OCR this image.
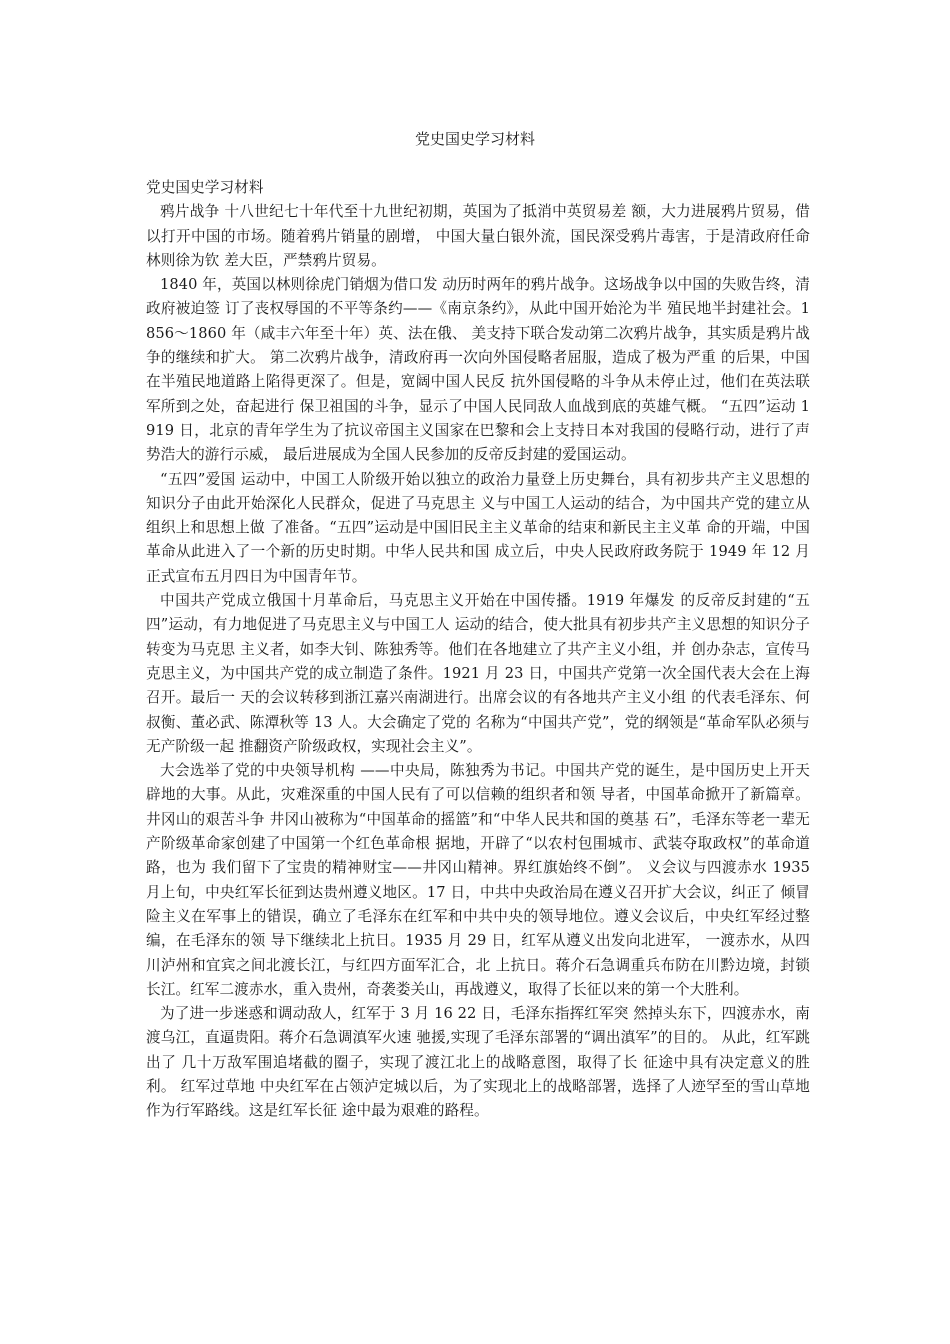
党史国史学习材料

党史国史学习材料

鸦片战争 十八世纪七十年代至十九世纪初期，英国为了抵消中英贸易差 额，大力进展鸦片贸易，借以打开中国的市场。随着鸦片销量的剧增， 中国大量白银外流，国民深受鸦片毒害，于是清政府任命林则徐为钦 差大臣，严禁鸦片贸易。

1840 年，英国以林则徐虎门销烟为借口发 动历时两年的鸦片战争。这场战争以中国的失败告终，清政府被迫签 订了丧权辱国的不平等条约——《南京条约》，从此中国开始沦为半 殖民地半封建社会。1856～1860 年（咸丰六年至十年）英、法在俄、 美支持下联合发动第二次鸦片战争，其实质是鸦片战争的继续和扩大。 第二次鸦片战争，清政府再一次向外国侵略者屈服，造成了极为严重 的后果，中国在半殖民地道路上陷得更深了。但是，宽阔中国人民反 抗外国侵略的斗争从未停止过，他们在英法联军所到之处，奋起进行 保卫祖国的斗争，显示了中国人民同敌人血战到底的英雄气概。 “五四”运动 1919 日，北京的青年学生为了抗议帝国主义国家在巴黎和会上支持日本对我国的侵略行动，进行了声势浩大的游行示威， 最后进展成为全国人民参加的反帝反封建的爱国运动。

“五四”爱国 运动中，中国工人阶级开始以独立的政治力量登上历史舞台，具有初步共产主义思想的知识分子由此开始深化人民群众，促进了马克思主 义与中国工人运动的结合，为中国共产党的建立从组织上和思想上做 了准备。“五四”运动是中国旧民主主义革命的结束和新民主主义革 命的开端，中国革命从此进入了一个新的历史时期。中华人民共和国 成立后，中央人民政府政务院于 1949 年 12 月正式宣布五月四日为中国青年节。

中国共产党成立俄国十月革命后，马克思主义开始在中国传播。1919 年爆发 的反帝反封建的“五四”运动，有力地促进了马克思主义与中国工人 运动的结合，使大批具有初步共产主义思想的知识分子转变为马克思 主义者，如李大钊、陈独秀等。他们在各地建立了共产主义小组，并 创办杂志，宣传马克思主义，为中国共产党的成立制造了条件。1921 月 23 日，中国共产党第一次全国代表大会在上海召开。最后一 天的会议转移到浙江嘉兴南湖进行。出席会议的有各地共产主义小组 的代表毛泽东、何叔衡、董必武、陈潭秋等 13 人。大会确定了党的 名称为“中国共产党”，党的纲领是“革命军队必须与无产阶级一起 推翻资产阶级政权，实现社会主义”。

大会选举了党的中央领导机构 ——中央局，陈独秀为书记。中国共产党的诞生，是中国历史上开天 辟地的大事。从此，灾难深重的中国人民有了可以信赖的组织者和领 导者，中国革命掀开了新篇章。 井冈山的艰苦斗争 井冈山被称为“中国革命的摇篮”和“中华人民共和国的奠基 石”，毛泽东等老一辈无产阶级革命家创建了中国第一个红色革命根 据地，开辟了“以农村包围城市、武装夺取政权”的革命道路，也为 我们留下了宝贵的精神财宝——井冈山精神。界红旗始终不倒”。 义会议与四渡赤水 1935 月上旬，中央红军长征到达贵州遵义地区。17 日，中共中央政治局在遵义召开扩大会议，纠正了 倾冒险主义在军事上的错误，确立了毛泽东在红军和中共中央的领导地位。遵义会议后，中央红军经过整编，在毛泽东的领 导下继续北上抗日。1935 月 29 日，红军从遵义出发向北进军， 一渡赤水，从四川泸州和宜宾之间北渡长江，与红四方面军汇合，北 上抗日。蒋介石急调重兵布防在川黔边境，封锁长江。红军二渡赤水，重入贵州，奇袭娄关山，再战遵义，取得了长征以来的第一个大胜利。

为了进一步迷惑和调动敌人，红军于 3 月 16 22 日，毛泽东指挥红军突 然掉头东下，四渡赤水，南渡乌江，直逼贵阳。蒋介石急调滇军火速 驰援,实现了毛泽东部署的“调出滇军”的目的。 从此，红军跳出了 几十万敌军围追堵截的圈子，实现了渡江北上的战略意图，取得了长 征途中具有决定意义的胜利。 红军过草地 中央红军在占领泸定城以后，为了实现北上的战略部署，选择了人迹罕至的雪山草地作为行军路线。这是红军长征 途中最为艰难的路程。
